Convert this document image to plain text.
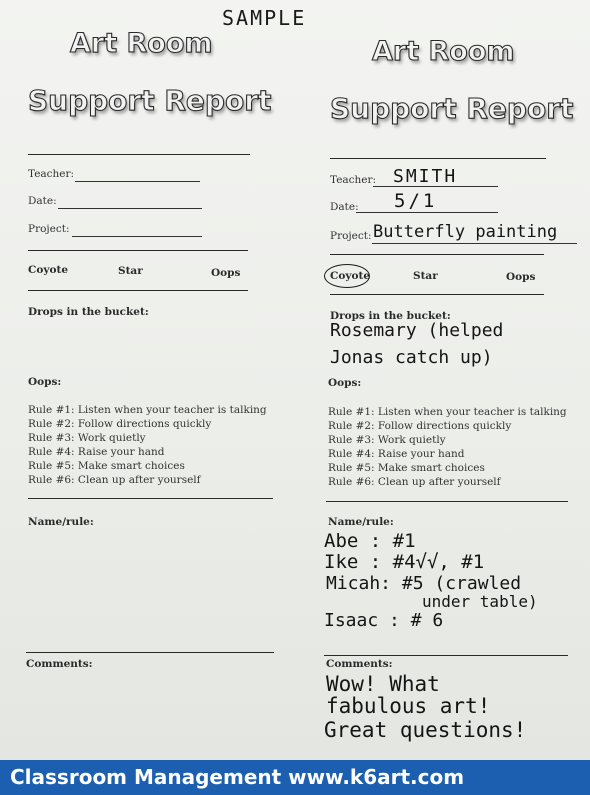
SAMPLE
Art Room
Support Report
Teacher:
Date:
Project:
Coyote	Star	Oops
Drops in the bucket:
Oops:
Rule #1: Listen when your teacher is talking
Rule #2: Follow directions quickly
Rule #3: Work quietly
Rule #4: Raise your hand
Rule #5: Make smart choices
Rule #6: Clean up after yourself
Name/rule:
Comments:
Art Room
Support Report
Teacher: SMITH
Date: 5/1
Project: Butterfly painting
Coyote	Star	Oops
Drops in the bucket:
Rosemary (helped
Jonas catch up)
Oops:
Rule #1: Listen when your teacher is talking
Rule #2: Follow directions quickly
Rule #3: Work quietly
Rule #4: Raise your hand
Rule #5: Make smart choices
Rule #6: Clean up after yourself
Name/rule:
Abe : #1
Ike : #4√√, #1
Micah: #5 (crawled
under table)
Isaac : # 6
Comments:
Wow! What
fabulous art!
Great questions!
Classroom Management www.k6art.com
